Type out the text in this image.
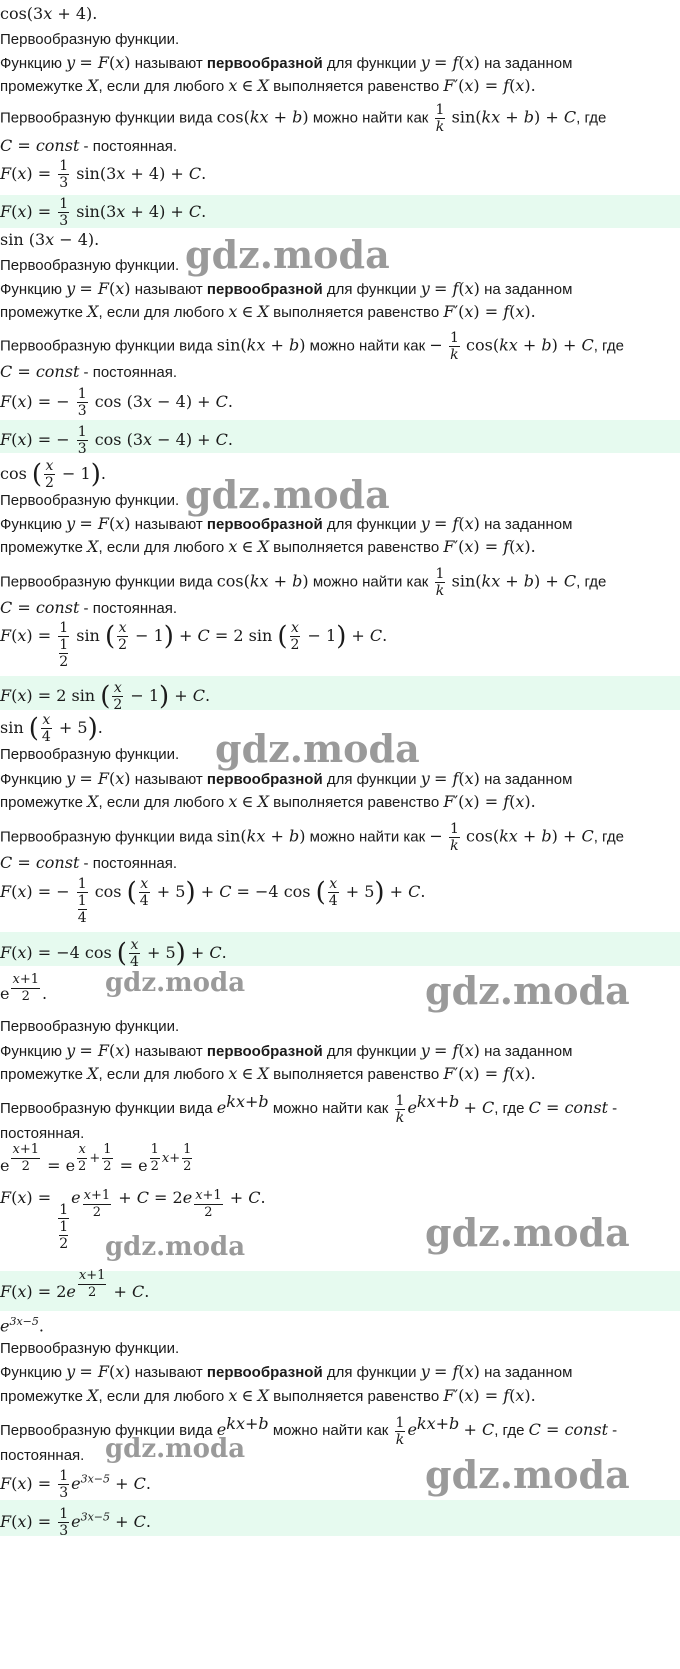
cos(3x + 4).
Первообразную функции.
Функцию y = F(x) называют первообразной для функции y = f(x) на заданном
промежутке X, если для любого x ∈ X выполняется равенство F′(x) = f(x).
Первообразную функции вида cos(kx + b) можно найти как $\frac{1}{k} \sin(kx + b) + C$, где
C = const - постоянная.
$F(x) = \frac{1}{3} \sin(3x + 4) + C$.
$F(x) = \frac{1}{3} \sin(3x + 4) + C$.
sin (3x − 4).
Первообразную функции.
Функцию y = F(x) называют первообразной для функции y = f(x) на заданном
промежутке X, если для любого x ∈ X выполняется равенство F′(x) = f(x).
Первообразную функции вида sin(kx + b) можно найти как − $\frac{1}{k} \cos(kx + b) + C$, где
C = const - постоянная.
F(x) = − $\frac{1}{3}$ cos (3x − 4) + C.
F(x) = − $\frac{1}{3}$ cos (3x − 4) + C.
cos ( $\frac{x}{2} - 1$).
Первообразную функции.
Функцию y = F(x) называют первообразной для функции y = f(x) на заданном
промежутке X, если для любого x ∈ X выполняется равенство F′(x) = f(x).
Первообразную функции вида cos(kx + b) можно найти как $\frac{1}{k} \sin(kx + b) + C$, где
C = const - постоянная.
$F(x) = \frac{1}{\frac{1}{2}}$ sin ( $\frac{x}{2} - 1) + C = 2$ sin ( $\frac{x}{2} - 1) + C$.
F(x) = 2 sin ( $\frac{x}{2} - 1) + C$.
sin ( $\frac{x}{4} + 5$).
Первообразную функции.
Функцию y = F(x) называют первообразной для функции y = f(x) на заданном
промежутке X, если для любого x ∈ X выполняется равенство F′(x) = f(x).
Первообразную функции вида sin(kx + b) можно найти как − $\frac{1}{k} \cos(kx + b) + C$, где
C = const - постоянная.
F(x) = − $\frac{1}{\frac{1}{4}}$ cos ( $\frac{x}{4} + 5) + C = -4$ cos ( $\frac{x}{4} + 5) + C$.
F(x) = −4 cos ( $\frac{x}{4} + 5) + C$.
e $\frac{x+1}{2}$ .
Первообразную функции.
Функцию y = F(x) называют первообразной для функции y = f(x) на заданном
промежутке X, если для любого x ∈ X выполняется равенство F′(x) = f(x).
Первообразную функции вида $e^{kx+b}$ можно найти как $\frac{1}{k} e^{kx+b} + C$, где C = const -
постоянная.
e $\frac{x+1}{2} = e \frac{x}{2} + \frac{1}{2} = e \frac{1}{2} x+ \frac{1}{2}$
F(x) =
$\frac{1}{\frac{1}{2}}$
e $\frac{x+1}{2} + C = 2e \frac{x+1}{2} + C$.
$F(x) = 2e \frac{x+1}{2} + C$.
$e^{3x-5}$.
Первообразную функции.
Функцию y = F(x) называют первообразной для функции y = f(x) на заданном
промежутке X, если для любого x ∈ X выполняется равенство F′(x) = f(x).
Первообразную функции вида $e^{kx+b}$ можно найти как $\frac{1}{k} e^{kx+b} + C$, где C = const -
постоянная.
$F(x) = \frac{1}{3} e^{3x-5} + C$.
$F(x) = \frac{1}{3} e^{3x-5} + C$.
gdz.moda
gdz.moda
gdz.moda
gdz.moda	gdz.moda
gdz.moda
gdz.moda
gdz.moda
gdz.moda
